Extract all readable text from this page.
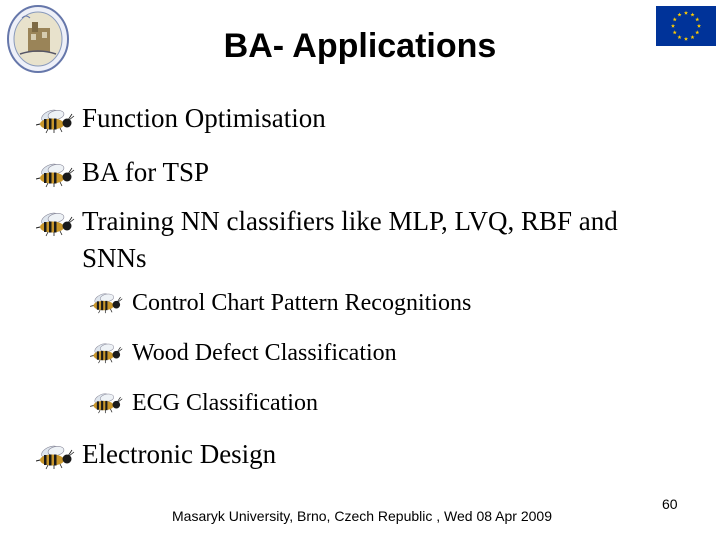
BA- Applications
Function Optimisation
BA for TSP
Training NN classifiers like MLP, LVQ, RBF and
SNNs
Control Chart Pattern Recognitions
Wood Defect Classification
ECG Classification
Electronic Design
60
Masaryk University, Brno, Czech Republic , Wed 08 Apr 2009
